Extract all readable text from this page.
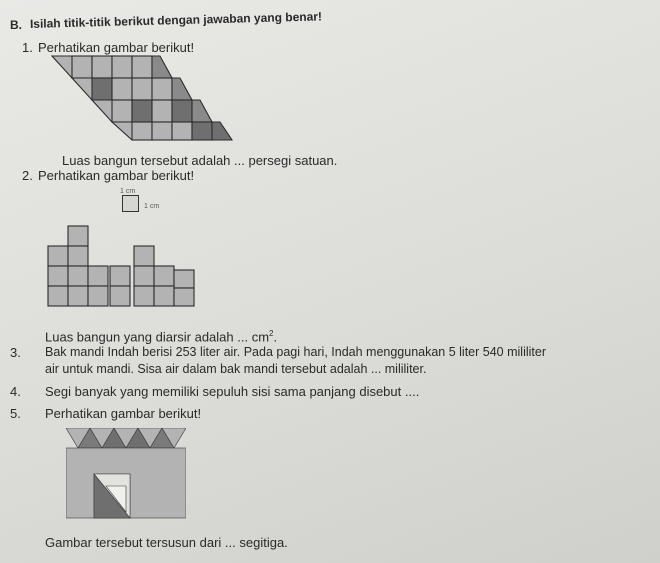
B. Isilah titik-titik berikut dengan jawaban yang benar!
1. Perhatikan gambar berikut!
Luas bangun tersebut adalah ... persegi satuan.
2. Perhatikan gambar berikut!
1 cm
1 cm
Luas bangun yang diarsir adalah ... $cm^2$.
3. Bak mandi Indah berisi 253 liter air. Pada pagi hari, Indah menggunakan 5 liter 540 mililiter
air untuk mandi. Sisa air dalam bak mandi tersebut adalah ... mililiter.
4. Segi banyak yang memiliki sepuluh sisi sama panjang disebut ....
5. Perhatikan gambar berikut!
Gambar tersebut tersusun dari ... segitiga.
